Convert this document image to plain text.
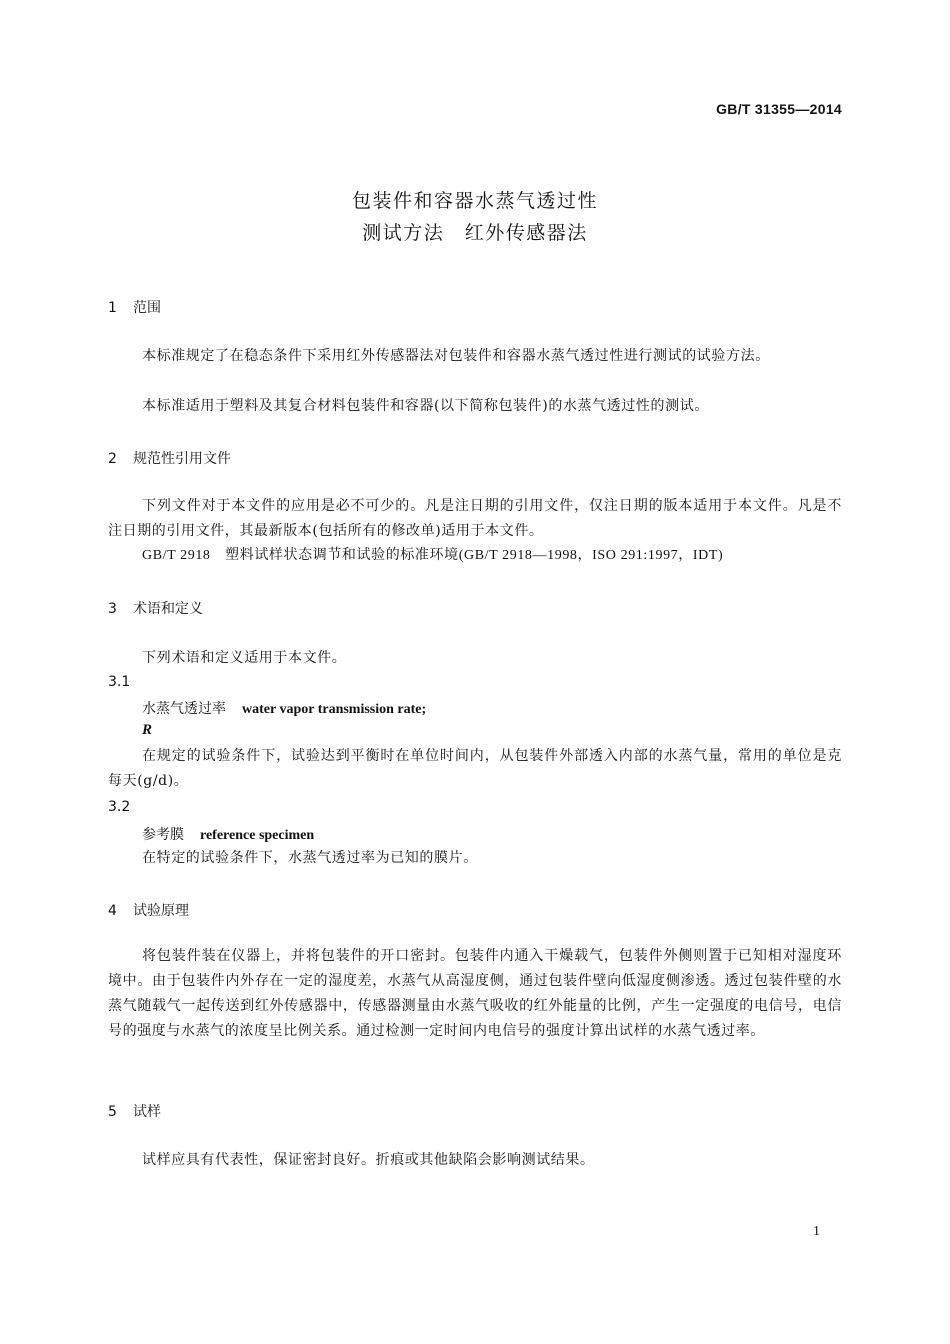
GB/T 31355—2014
包装件和容器水蒸气透过性
测试方法　红外传感器法
1 范围
本标准规定了在稳态条件下采用红外传感器法对包装件和容器水蒸气透过性进行测试的试验方法。
本标准适用于塑料及其复合材料包装件和容器(以下简称包装件)的水蒸气透过性的测试。
2 规范性引用文件
下列文件对于本文件的应用是必不可少的。凡是注日期的引用文件，仅注日期的版本适用于本文件。凡是不注日期的引用文件，其最新版本(包括所有的修改单)适用于本文件。
GB/T 2918　塑料试样状态调节和试验的标准环境(GB/T 2918—1998，ISO 291:1997，IDT)
3 术语和定义
下列术语和定义适用于本文件。
3.1
水蒸气透过率 water vapor transmission rate;
R
在规定的试验条件下，试验达到平衡时在单位时间内，从包装件外部透入内部的水蒸气量，常用的单位是克每天(g/d)。
3.2
参考膜 reference specimen
在特定的试验条件下，水蒸气透过率为已知的膜片。
4 试验原理
将包装件装在仪器上，并将包装件的开口密封。包装件内通入干燥载气，包装件外侧则置于已知相对湿度环境中。由于包装件内外存在一定的湿度差，水蒸气从高湿度侧，通过包装件壁向低湿度侧渗透。透过包装件壁的水蒸气随载气一起传送到红外传感器中，传感器测量由水蒸气吸收的红外能量的比例，产生一定强度的电信号，电信号的强度与水蒸气的浓度呈比例关系。通过检测一定时间内电信号的强度计算出试样的水蒸气透过率。
5 试样
试样应具有代表性，保证密封良好。折痕或其他缺陷会影响测试结果。
1
